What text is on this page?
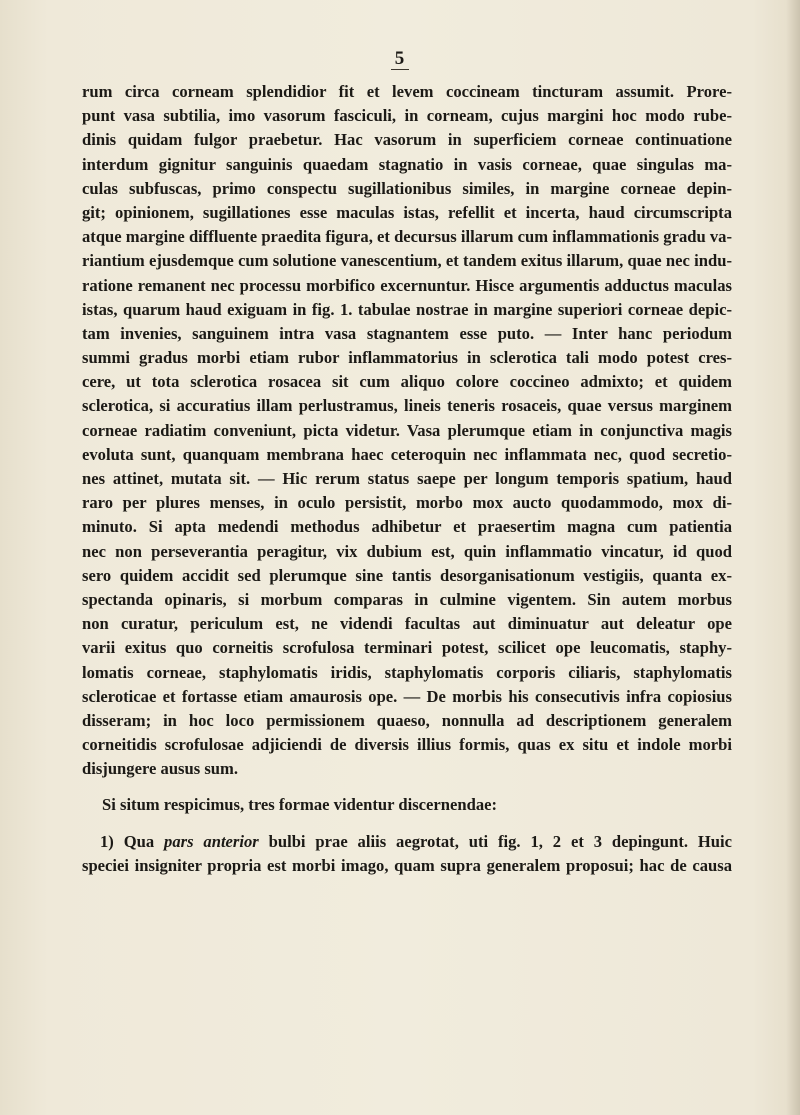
5
rum circa corneam splendidior fit et levem coccineam tincturam assumit. Prore-
punt vasa subtilia, imo vasorum fasciculi, in corneam, cujus margini hoc modo rube-
dinis quidam fulgor praebetur. Hac vasorum in superficiem corneae continuatione
interdum gignitur sanguinis quaedam stagnatio in vasis corneae, quae singulas ma-
culas subfuscas, primo conspectu sugillationibus similes, in margine corneae depin-
git; opinionem, sugillationes esse maculas istas, refellit et incerta, haud circumscripta
atque margine diffluente praedita figura, et decursus illarum cum inflammationis gradu va-
riantium ejusdemque cum solutione vanescentium, et tandem exitus illarum, quae nec indu-
ratione remanent nec processu morbifico excernuntur. Hisce argumentis adductus maculas
istas, quarum haud exiguam in fig. 1. tabulae nostrae in margine superiori corneae depic-
tam invenies, sanguinem intra vasa stagnantem esse puto. — Inter hanc periodum
summi gradus morbi etiam rubor inflammatorius in sclerotica tali modo potest cres-
cere, ut tota sclerotica rosacea sit cum aliquo colore coccineo admixto; et quidem
sclerotica, si accuratius illam perlustramus, lineis teneris rosaceis, quae versus marginem
corneae radiatim conveniunt, picta videtur. Vasa plerumque etiam in conjunctiva magis
evoluta sunt, quanquam membrana haec ceteroquin nec inflammata nec, quod secretio-
nes attinet, mutata sit. — Hic rerum status saepe per longum temporis spatium, haud
raro per plures menses, in oculo persistit, morbo mox aucto quodammodo, mox di-
minuto. Si apta medendi methodus adhibetur et praesertim magna cum patientia
nec non perseverantia peragitur, vix dubium est, quin inflammatio vincatur, id quod
sero quidem accidit sed plerumque sine tantis desorganisationum vestigiis, quanta ex-
spectanda opinaris, si morbum comparas in culmine vigentem. Sin autem morbus
non curatur, periculum est, ne videndi facultas aut diminuatur aut deleatur ope
varii exitus quo corneitis scrofulosa terminari potest, scilicet ope leucomatis, staphy-
lomatis corneae, staphylomatis iridis, staphylomatis corporis ciliaris, staphylomatis
scleroticae et fortasse etiam amaurosis ope. — De morbis his consecutivis infra copiosius
disseram; in hoc loco permissionem quaeso, nonnulla ad descriptionem generalem
corneitidis scrofulosae adjiciendi de diversis illius formis, quas ex situ et indole morbi
disjungere ausus sum.
Si situm respicimus, tres formae videntur discernendae:
1) Qua pars anterior bulbi prae aliis aegrotat, uti fig. 1, 2 et 3 depingunt. Huic
speciei insigniter propria est morbi imago, quam supra generalem proposui; hac de causa
